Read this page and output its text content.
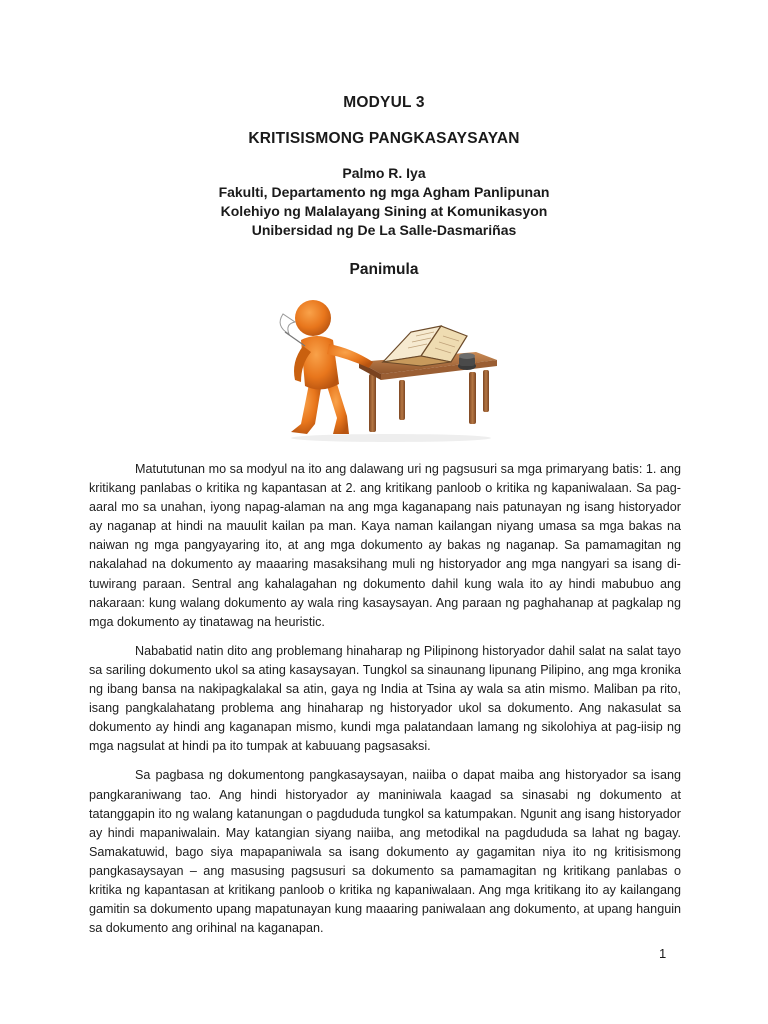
MODYUL 3
KRITISISMONG PANGKASAYSAYAN
Palmo R. Iya
Fakulti, Departamento ng mga Agham Panlipunan
Kolehiyo ng Malalayang Sining at Komunikasyon
Unibersidad ng De La Salle-Dasmariñas
Panimula

Matututunan mo sa modyul na ito ang dalawang uri ng pagsusuri sa mga primaryang batis: 1. ang kritikang panlabas o kritika ng kapantasan at 2. ang kritikang panloob o kritika ng kapaniwalaan. Sa pag-aaral mo sa unahan, iyong napag-alaman na ang mga kaganapang nais patunayan ng isang historyador ay naganap at hindi na mauulit kailan pa man. Kaya naman kailangan niyang umasa sa mga bakas na naiwan ng mga pangyayaring ito, at ang mga dokumento ay bakas ng naganap. Sa pamamagitan ng nakalahad na dokumento ay maaaring masaksihang muli ng historyador ang mga nangyari sa isang di-tuwirang paraan. Sentral ang kahalagahan ng dokumento dahil kung wala ito ay hindi mabubuo ang nakaraan: kung walang dokumento ay wala ring kasaysayan. Ang paraan ng paghahanap at pagkalap ng mga dokumento ay tinatawag na heuristic.

Nababatid natin dito ang problemang hinaharap ng Pilipinong historyador dahil salat na salat tayo sa sariling dokumento ukol sa ating kasaysayan. Tungkol sa sinaunang lipunang Pilipino, ang mga kronika ng ibang bansa na nakipagkalakal sa atin, gaya ng India at Tsina ay wala sa atin mismo. Maliban pa rito, isang pangkalahatang problema ang hinaharap ng historyador ukol sa dokumento. Ang nakasulat sa dokumento ay hindi ang kaganapan mismo, kundi mga palatandaan lamang ng sikolohiya at pag-iisip ng mga nagsulat at hindi pa ito tumpak at kabuuang pagsasaksi.

Sa pagbasa ng dokumentong pangkasaysayan, naiiba o dapat maiba ang historyador sa isang pangkaraniwang tao. Ang hindi historyador ay maniniwala kaagad sa sinasabi ng dokumento at tatanggapin ito ng walang katanungan o pagdududa tungkol sa katumpakan. Ngunit ang isang historyador ay hindi mapaniwalain. May katangian siyang naiiba, ang metodikal na pagdududa sa lahat ng bagay. Samakatuwid, bago siya mapapaniwala sa isang dokumento ay gagamitan niya ito ng kritisismong pangkasaysayan – ang masusing pagsusuri sa dokumento sa pamamagitan ng kritikang panlabas o kritika ng kapantasan at kritikang panloob o kritika ng kapaniwalaan. Ang mga kritikang ito ay kailangang gamitin sa dokumento upang mapatunayan kung maaaring paniwalaan ang dokumento, at upang hanguin sa dokumento ang orihinal na kaganapan.

1
